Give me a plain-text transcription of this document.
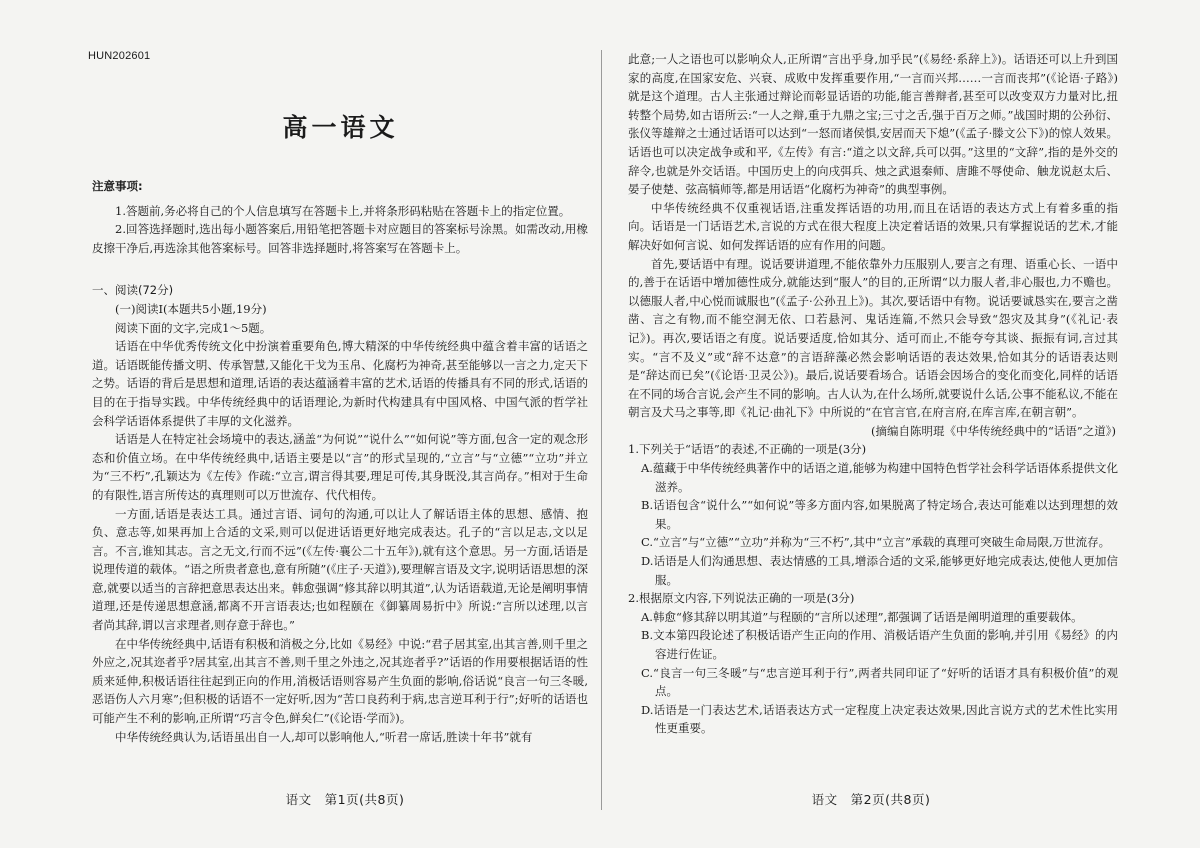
HUN202601
高一语文

注意事项:

1.答题前,务必将自己的个人信息填写在答题卡上,并将条形码粘贴在答题卡上的指定位置。

2.回答选择题时,选出每小题答案后,用铅笔把答题卡对应题目的答案标号涂黑。如需改动,用橡皮擦干净后,再选涂其他答案标号。回答非选择题时,将答案写在答题卡上。

一、阅读(72分)

(一)阅读Ⅰ(本题共5小题,19分)

阅读下面的文字,完成1～5题。

话语在中华优秀传统文化中扮演着重要角色,博大精深的中华传统经典中蕴含着丰富的话语之道。话语既能传播文明、传承智慧,又能化干戈为玉帛、化腐朽为神奇,甚至能够以一言之力,定天下之势。话语的背后是思想和道理,话语的表达蕴涵着丰富的艺术,话语的传播具有不同的形式,话语的目的在于指导实践。中华传统经典中的话语理论,为新时代构建具有中国风格、中国气派的哲学社会科学话语体系提供了丰厚的文化滋养。

话语是人在特定社会场境中的表达,涵盖“为何说”“说什么”“如何说”等方面,包含一定的观念形态和价值立场。在中华传统经典中,话语主要是以“言”的形式呈现的,“立言”与“立德”“立功”并立为“三不朽”,孔颖达为《左传》作疏:“立言,谓言得其要,理足可传,其身既没,其言尚存。”相对于生命的有限性,语言所传达的真理则可以万世流存、代代相传。

一方面,话语是表达工具。通过言语、词句的沟通,可以让人了解话语主体的思想、感情、抱负、意志等,如果再加上合适的文采,则可以促进话语更好地完成表达。孔子的“言以足志,文以足言。不言,谁知其志。言之无文,行而不远”(《左传·襄公二十五年》),就有这个意思。另一方面,话语是说理传道的载体。“语之所贵者意也,意有所随”(《庄子·天道》),要理解言语及文字,说明话语思想的深意,就要以适当的言辞把意思表达出来。韩愈强调“修其辞以明其道”,认为话语载道,无论是阐明事情道理,还是传递思想意涵,都离不开言语表达;也如程颐在《御纂周易折中》所说:“言所以述理,以言者尚其辞,谓以言求理者,则存意于辞也。”

在中华传统经典中,话语有积极和消极之分,比如《易经》中说:“君子居其室,出其言善,则千里之外应之,况其迩者乎?居其室,出其言不善,则千里之外违之,况其迩者乎?”话语的作用要根据话语的性质来延伸,积极话语往往起到正向的作用,消极话语则容易产生负面的影响,俗话说“良言一句三冬暖,恶语伤人六月寒”;但积极的话语不一定好听,因为“苦口良药利于病,忠言逆耳利于行”;好听的话语也可能产生不利的影响,正所谓“巧言令色,鲜矣仁”(《论语·学而》)。

中华传统经典认为,话语虽出自一人,却可以影响他人,“听君一席话,胜读十年书”就有

此意;一人之语也可以影响众人,正所谓“言出乎身,加乎民”(《易经·系辞上》)。话语还可以上升到国家的高度,在国家安危、兴衰、成败中发挥重要作用,“一言而兴邦……一言而丧邦”(《论语·子路》)就是这个道理。古人主张通过辩论而彰显话语的功能,能言善辩者,甚至可以改变双方力量对比,扭转整个局势,如古语所云:“一人之辩,重于九鼎之宝;三寸之舌,强于百万之师。”战国时期的公孙衍、张仪等雄辩之士通过话语可以达到“一怒而诸侯惧,安居而天下熄”(《孟子·滕文公下》)的惊人效果。话语也可以决定战争或和平,《左传》有言:“道之以文辞,兵可以弭。”这里的“文辞”,指的是外交的辞令,也就是外交话语。中国历史上的向戌弭兵、烛之武退秦师、唐雎不辱使命、触龙说赵太后、晏子使楚、弦高犒师等,都是用话语“化腐朽为神奇”的典型事例。

中华传统经典不仅重视话语,注重发挥话语的功用,而且在话语的表达方式上有着多重的指向。话语是一门话语艺术,言说的方式在很大程度上决定着话语的效果,只有掌握说话的艺术,才能解决好如何言说、如何发挥话语的应有作用的问题。

首先,要话语中有理。说话要讲道理,不能依靠外力压服别人,要言之有理、语重心长、一语中的,善于在话语中增加德性成分,就能达到“服人”的目的,正所谓“以力服人者,非心服也,力不赡也。以德服人者,中心悦而诚服也”(《孟子·公孙丑上》)。其次,要话语中有物。说话要诚恳实在,要言之凿凿、言之有物,而不能空洞无依、口若悬河、鬼话连篇,不然只会导致“怨灾及其身”(《礼记·表记》)。再次,要话语之有度。说话要适度,恰如其分、适可而止,不能夸夸其谈、振振有词,言过其实。“言不及义”或“辞不达意”的言语辞藻必然会影响话语的表达效果,恰如其分的话语表达则是“辞达而已矣”(《论语·卫灵公》)。最后,说话要看场合。话语会因场合的变化而变化,同样的话语在不同的场合言说,会产生不同的影响。古人认为,在什么场所,就要说什么话,公事不能私议,不能在朝言及犬马之事等,即《礼记·曲礼下》中所说的“在官言官,在府言府,在库言库,在朝言朝”。

(摘编自陈明琨《中华传统经典中的“话语”之道》)

1.下列关于“话语”的表述,不正确的一项是(3分)

A.蕴藏于中华传统经典著作中的话语之道,能够为构建中国特色哲学社会科学话语体系提供文化滋养。

B.话语包含“说什么”“如何说”等多方面内容,如果脱离了特定场合,表达可能难以达到理想的效果。

C.“立言”与“立德”“立功”并称为“三不朽”,其中“立言”承载的真理可突破生命局限,万世流存。

D.话语是人们沟通思想、表达情感的工具,增添合适的文采,能够更好地完成表达,使他人更加信服。

2.根据原文内容,下列说法正确的一项是(3分)

A.韩愈“修其辞以明其道”与程颐的“言所以述理”,都强调了话语是阐明道理的重要载体。

B.文本第四段论述了积极话语产生正向的作用、消极话语产生负面的影响,并引用《易经》的内容进行佐证。

C.“良言一句三冬暖”与“忠言逆耳利于行”,两者共同印证了“好听的话语才具有积极价值”的观点。

D.话语是一门表达艺术,话语表达方式一定程度上决定表达效果,因此言说方式的艺术性比实用性更重要。

语文　第1页(共8页)	语文　第2页(共8页)
